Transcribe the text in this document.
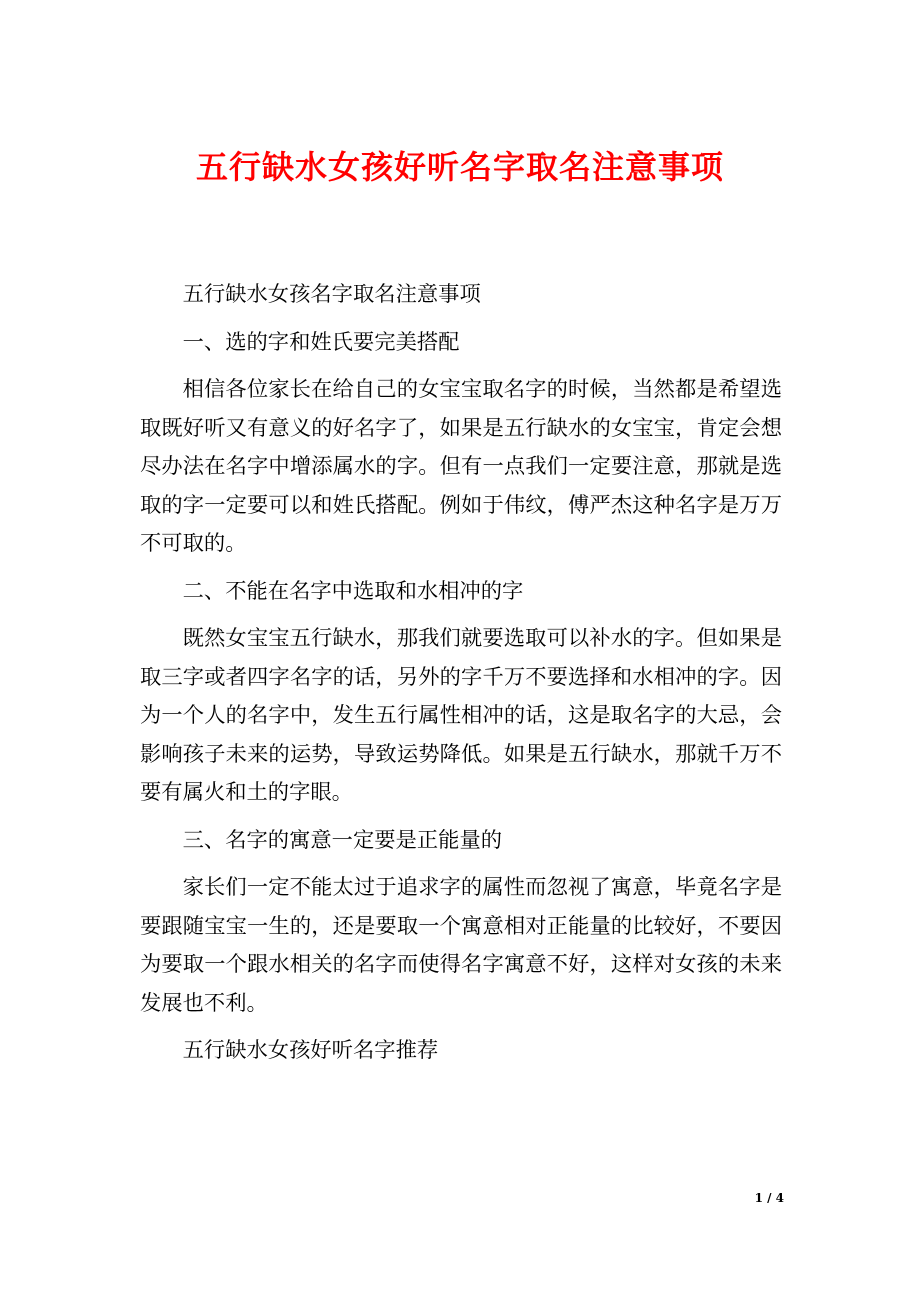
五行缺水女孩好听名字取名注意事项

五行缺水女孩名字取名注意事项

一、选的字和姓氏要完美搭配

相信各位家长在给自己的女宝宝取名字的时候，当然都是希望选取既好听又有意义的好名字了，如果是五行缺水的女宝宝，肯定会想尽办法在名字中增添属水的字。但有一点我们一定要注意，那就是选取的字一定要可以和姓氏搭配。例如于伟纹，傅严杰这种名字是万万不可取的。

二、不能在名字中选取和水相冲的字

既然女宝宝五行缺水，那我们就要选取可以补水的字。但如果是取三字或者四字名字的话，另外的字千万不要选择和水相冲的字。因为一个人的名字中，发生五行属性相冲的话，这是取名字的大忌，会影响孩子未来的运势，导致运势降低。如果是五行缺水，那就千万不要有属火和土的字眼。

三、名字的寓意一定要是正能量的

家长们一定不能太过于追求字的属性而忽视了寓意，毕竟名字是要跟随宝宝一生的，还是要取一个寓意相对正能量的比较好，不要因为要取一个跟水相关的名字而使得名字寓意不好，这样对女孩的未来发展也不利。

五行缺水女孩好听名字推荐

1 / 4
